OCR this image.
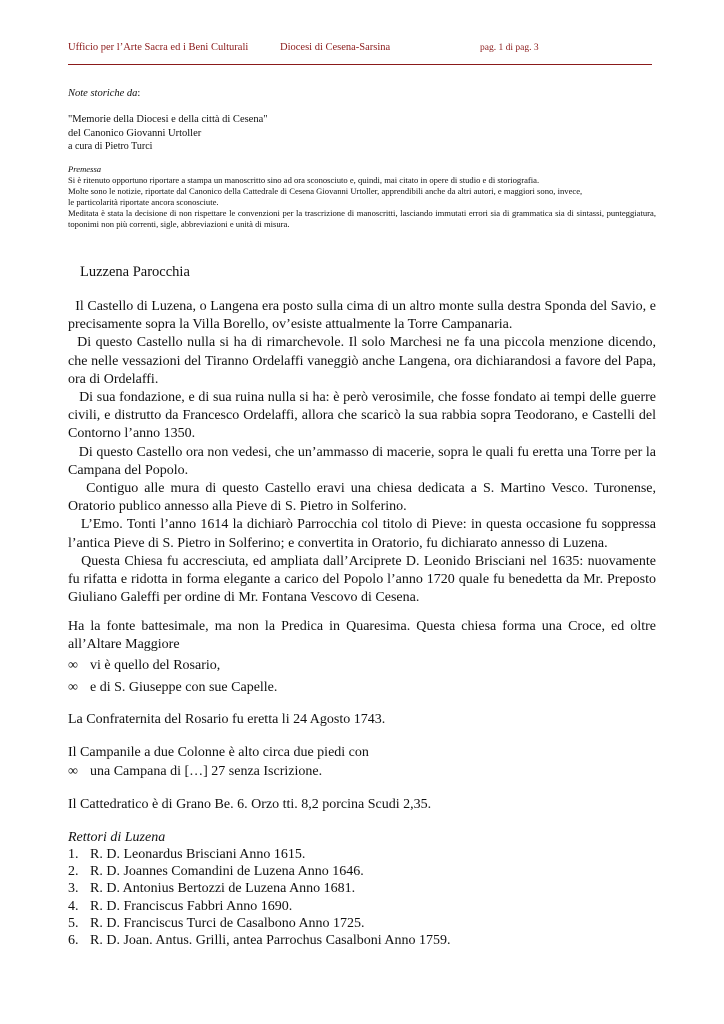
Ufficio per l’Arte Sacra ed i Beni Culturali	Diocesi di Cesena-Sarsina	pag. 1 di pag. 3
Note storiche da:
"Memorie della Diocesi e della città di Cesena"
del Canonico Giovanni Urtoller
a cura di Pietro Turci
Premessa
Si è ritenuto opportuno riportare a stampa un manoscritto sino ad ora sconosciuto e, quindi, mai citato in opere di studio e di storiografia.
Molte sono le notizie, riportate dal Canonico della Cattedrale di Cesena Giovanni Urtoller, apprendibili anche da altri autori, e maggiori sono, invece,
le particolarità riportate ancora sconosciute.
Meditata è stata la decisione di non rispettare le convenzioni per la trascrizione di manoscritti, lasciando immutati errori sia di grammatica sia di sintassi, punteggiatura, toponimi non più correnti, sigle, abbreviazioni e unità di misura.
Luzzena Parocchia

Il Castello di Luzena, o Langena era posto sulla cima di un altro monte sulla destra Sponda del Savio, e precisamente sopra la Villa Borello, ov’esiste attualmente la Torre Campanaria.

Di questo Castello nulla si ha di rimarchevole. Il solo Marchesi ne fa una piccola menzione dicendo, che nelle vessazioni del Tiranno Ordelaffi vaneggiò anche Langena, ora dichiarandosi a favore del Papa, ora di Ordelaffi.

Di sua fondazione, e di sua ruina nulla si ha: è però verosimile, che fosse fondato ai tempi delle guerre civili, e distrutto da Francesco Ordelaffi, allora che scaricò la sua rabbia sopra Teodorano, e Castelli del Contorno l’anno 1350.

Di questo Castello ora non vedesi, che un’ammasso di macerie, sopra le quali fu eretta una Torre per la Campana del Popolo.

Contiguo alle mura di questo Castello eravi una chiesa dedicata a S. Martino Vesco. Turonense, Oratorio publico annesso alla Pieve di S. Pietro in Solferino.

L’Emo. Tonti l’anno 1614 la dichiarò Parrocchia col titolo di Pieve: in questa occasione fu soppressa l’antica Pieve di S. Pietro in Solferino; e convertita in Oratorio, fu dichiarato annesso di Luzena.

Questa Chiesa fu accresciuta, ed ampliata dall’Arciprete D. Leonido Brisciani nel 1635: nuovamente fu rifatta e ridotta in forma elegante a carico del Popolo l’anno 1720 quale fu benedetta da Mr. Preposto Giuliano Galeffi per ordine di Mr. Fontana Vescovo di Cesena.

Ha la fonte battesimale, ma non la Predica in Quaresima. Questa chiesa forma una Croce, ed oltre all’Altare Maggiore

∞ vi è quello del Rosario,
∞ e di S. Giuseppe con sue Capelle.
La Confraternita del Rosario fu eretta li 24 Agosto 1743.
Il Campanile a due Colonne è alto circa due piedi con
∞ una Campana di […] 27 senza Iscrizione.
Il Cattedratico è di Grano Be. 6. Orzo tti. 8,2 porcina Scudi 2,35.
Rettori di Luzena
1. R. D. Leonardus Brisciani Anno 1615.
2. R. D. Joannes Comandini de Luzena Anno 1646.
3. R. D. Antonius Bertozzi de Luzena Anno 1681.
4. R. D. Franciscus Fabbri Anno 1690.
5. R. D. Franciscus Turci de Casalbono Anno 1725.
6. R. D. Joan. Antus. Grilli, antea Parrochus Casalboni Anno 1759.
